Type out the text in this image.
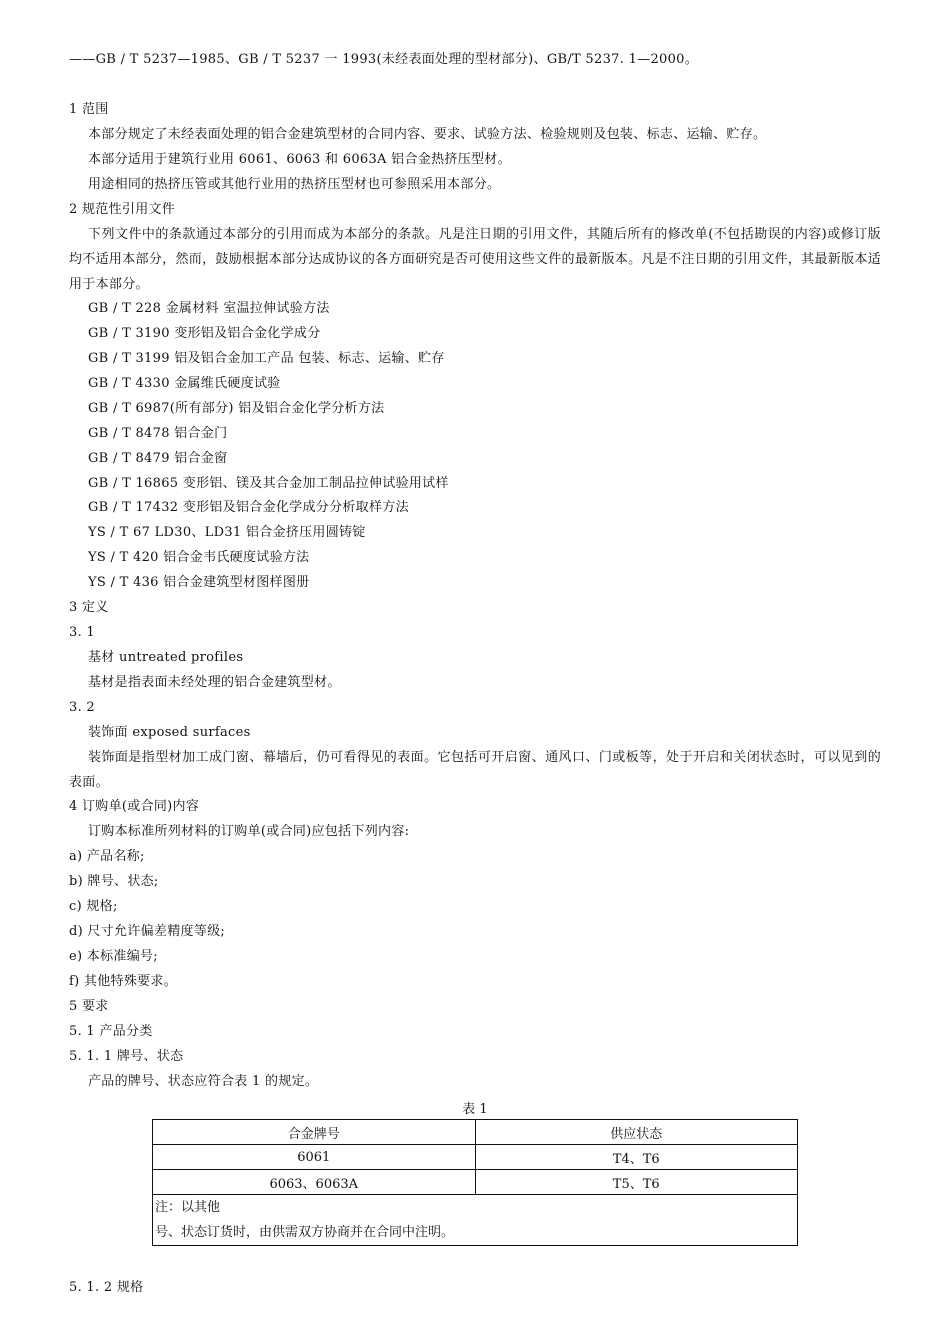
——GB / T 5237—1985、GB / T 5237 一 1993(未经表面处理的型材部分)、GB/T 5237. 1—2000。
1 范围
本部分规定了未经表面处理的铝合金建筑型材的合同内容、要求、试验方法、检验规则及包装、标志、运输、贮存。
本部分适用于建筑行业用 6061、6063 和 6063A 铝合金热挤压型材。
用途相同的热挤压管或其他行业用的热挤压型材也可参照采用本部分。
2 规范性引用文件
下列文件中的条款通过本部分的引用而成为本部分的条款。凡是注日期的引用文件，其随后所有的修改单(不包括勘误的内容)或修订版均不适用本部分，然而，鼓励根据本部分达成协议的各方面研究是否可使用这些文件的最新版本。凡是不注日期的引用文件，其最新版本适用于本部分。
GB / T 228 金属材料 室温拉伸试验方法
GB / T 3190 变形铝及铝合金化学成分
GB / T 3199 铝及铝合金加工产品 包装、标志、运输、贮存
GB / T 4330 金属维氏硬度试验
GB / T 6987(所有部分) 铝及铝合金化学分析方法
GB / T 8478 铝合金门
GB / T 8479 铝合金窗
GB / T 16865 变形铝、镁及其合金加工制品拉伸试验用试样
GB / T 17432 变形铝及铝合金化学成分分析取样方法
YS / T 67 LD30、LD31 铝合金挤压用圆铸锭
YS / T 420 铝合金韦氏硬度试验方法
YS / T 436 铝合金建筑型材图样图册
3 定义
3. 1
基材 untreated profiles
基材是指表面未经处理的铝合金建筑型材。
3. 2
装饰面 exposed surfaces
装饰面是指型材加工成门窗、幕墙后，仍可看得见的表面。它包括可开启窗、通风口、门或板等，处于开启和关闭状态时，可以见到的表面。
4 订购单(或合同)内容
订购本标准所列材料的订购单(或合同)应包括下列内容:
a) 产品名称;
b) 牌号、状态;
c) 规格;
d) 尺寸允许偏差精度等级;
e) 本标准编号;
f) 其他特殊要求。
5 要求
5. 1 产品分类
5. 1. 1 牌号、状态
产品的牌号、状态应符合表 1 的规定。
表 1
合金牌号	供应状态
6061	T4、T6
6063、6063A	T5、T6

注：以其他
号、状态订货时，由供需双方协商并在合同中注明。	
5. 1. 2 规格
